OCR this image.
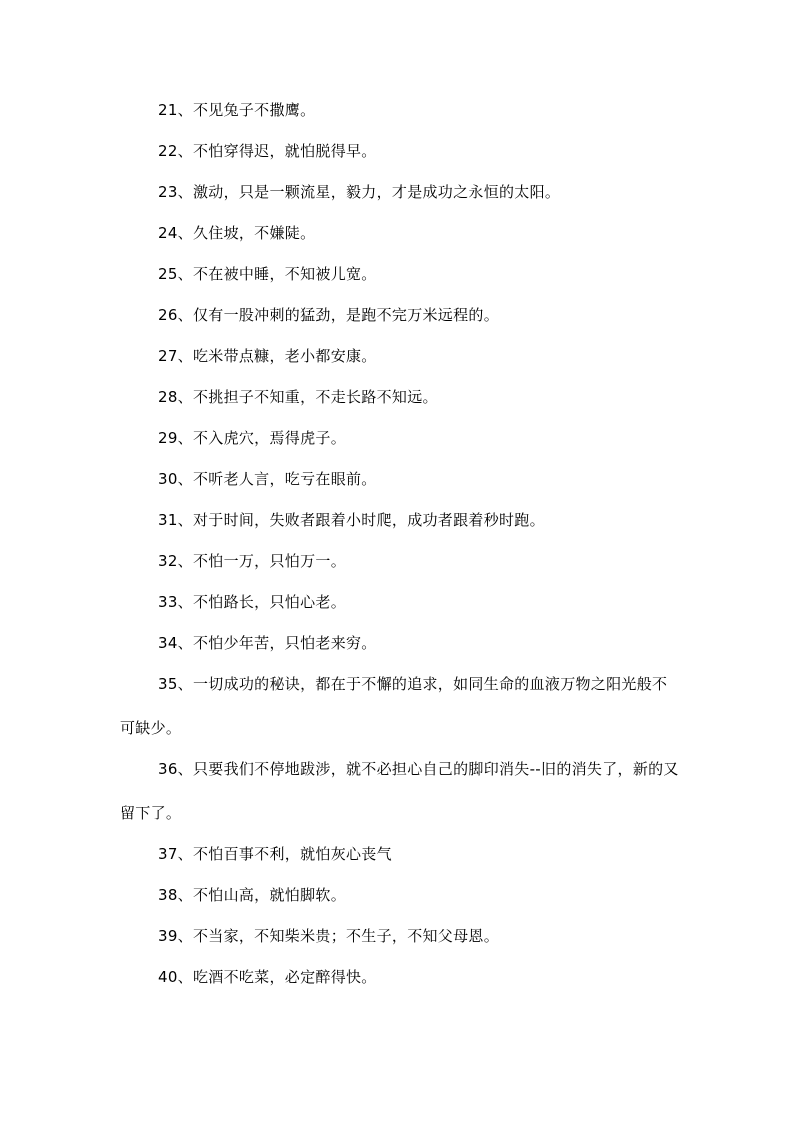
21、不见兔子不撒鹰。

22、不怕穿得迟，就怕脱得早。

23、激动，只是一颗流星，毅力，才是成功之永恒的太阳。

24、久住坡，不嫌陡。

25、不在被中睡，不知被儿宽。

26、仅有一股冲刺的猛劲，是跑不完万米远程的。

27、吃米带点糠，老小都安康。

28、不挑担子不知重，不走长路不知远。

29、不入虎穴，焉得虎子。

30、不听老人言，吃亏在眼前。

31、对于时间，失败者跟着小时爬，成功者跟着秒时跑。

32、不怕一万，只怕万一。

33、不怕路长，只怕心老。

34、不怕少年苦，只怕老来穷。

35、一切成功的秘诀，都在于不懈的追求，如同生命的血液万物之阳光般不可缺少。

36、只要我们不停地跋涉，就不必担心自己的脚印消失--旧的消失了，新的又留下了。

37、不怕百事不利，就怕灰心丧气

38、不怕山高，就怕脚软。

39、不当家，不知柴米贵；不生子，不知父母恩。

40、吃酒不吃菜，必定醉得快。
